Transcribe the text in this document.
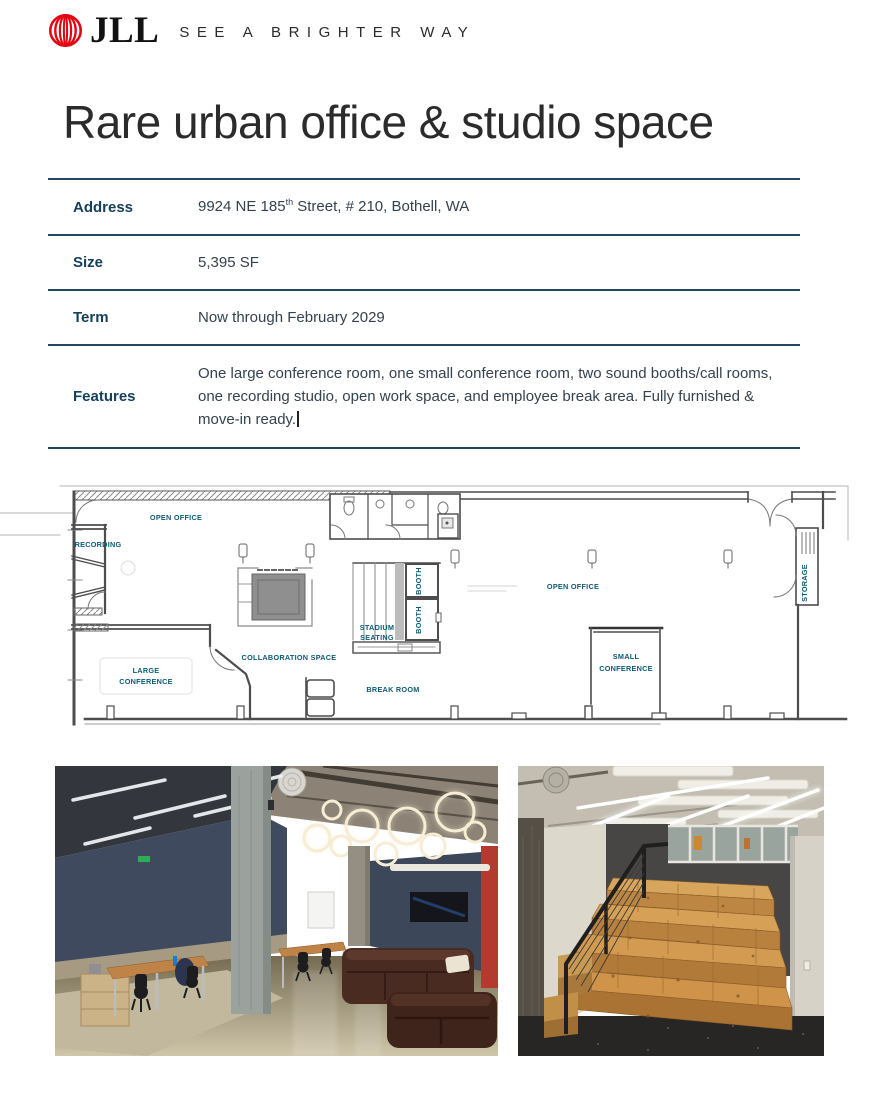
JLL SEE A BRIGHTER WAY
Rare urban office & studio space
Address	9924 NE 185th Street, # 210, Bothell, WA
Size	5,395 SF
Term	Now through February 2029
Features
One large conference room, one small conference room, two sound booths/call rooms, one recording studio, open work space, and employee break area. Fully furnished & move-in ready.
OPEN OFFICE
RECORDING
OPEN OFFICE	STORAGE
BOOTH
BOOTH
STADIUM
SEATING
COLLABORATION SPACE
LARGE
CONFERENCE
BREAK ROOM
SMALL
CONFERENCE
